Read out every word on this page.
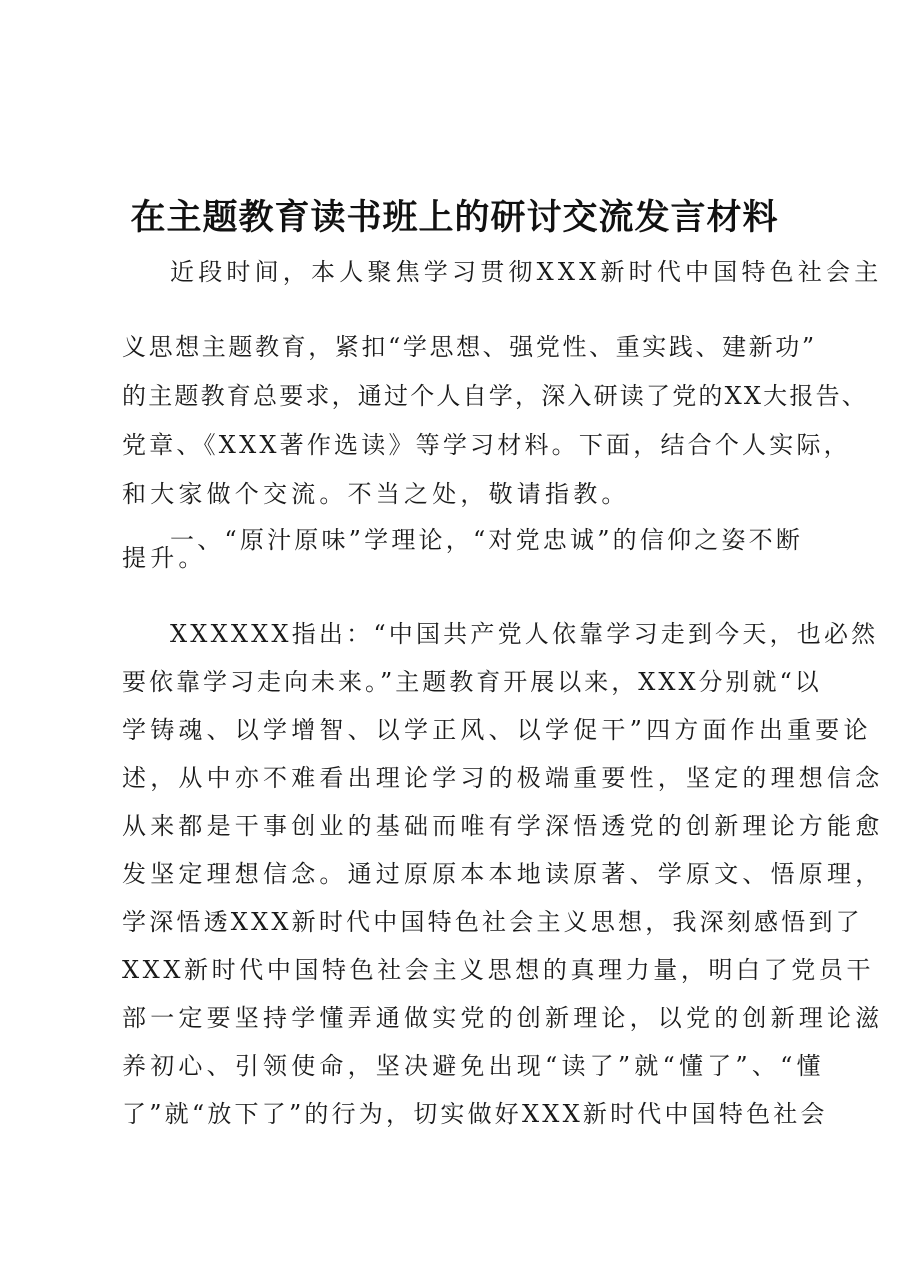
在主题教育读书班上的研讨交流发言材料
近段时间，本人聚焦学习贯彻XXX新时代中国特色社会主
义思想主题教育，紧扣“学思想、强党性、重实践、建新功”
的主题教育总要求，通过个人自学，深入研读了党的XX大报告、
党章、《XXX著作选读》等学习材料。下面，结合个人实际，
和大家做个交流。不当之处，敬请指教。
一、“原汁原味”学理论，“对党忠诚”的信仰之姿不断
提升。
XXXXXX指出：“中国共产党人依靠学习走到今天，也必然
要依靠学习走向未来。”主题教育开展以来，XXX分别就“以
学铸魂、以学增智、以学正风、以学促干”四方面作出重要论
述，从中亦不难看出理论学习的极端重要性，坚定的理想信念
从来都是干事创业的基础而唯有学深悟透党的创新理论方能愈
发坚定理想信念。通过原原本本地读原著、学原文、悟原理，
学深悟透XXX新时代中国特色社会主义思想，我深刻感悟到了
XXX新时代中国特色社会主义思想的真理力量，明白了党员干
部一定要坚持学懂弄通做实党的创新理论，以党的创新理论滋
养初心、引领使命，坚决避免出现“读了”就“懂了”、“懂
了”就“放下了”的行为，切实做好XXX新时代中国特色社会
